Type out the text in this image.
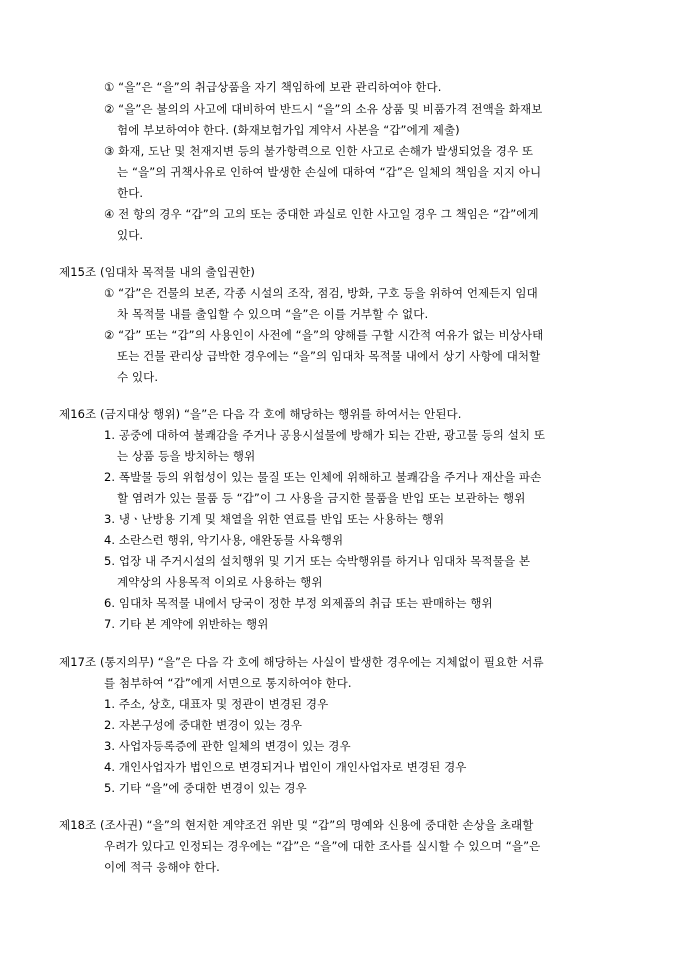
① “을”은 “을”의 취급상품을 자기 책임하에 보관 관리하여야 한다.
② “을”은 불의의 사고에 대비하여 반드시 “을”의 소유 상품 및 비품가격 전액을 화재보
험에 부보하여야 한다. (화재보험가입 계약서 사본을 “갑”에게 제출)
③ 화재, 도난 및 천재지변 등의 불가항력으로 인한 사고로 손해가 발생되었을 경우 또
는 “을”의 귀책사유로 인하여 발생한 손실에 대하여 “갑”은 일체의 책임을 지지 아니
한다.
④ 전 항의 경우 “갑”의 고의 또는 중대한 과실로 인한 사고일 경우 그 책임은 “갑”에게
있다.
제15조 (임대차 목적물 내의 출입권한)
① “갑”은 건물의 보존, 각종 시설의 조작, 점검, 방화, 구호 등을 위하여 언제든지 임대
차 목적물 내를 출입할 수 있으며 “을”은 이를 거부할 수 없다.
② “갑” 또는 “갑”의 사용인이 사전에 “을”의 양해를 구할 시간적 여유가 없는 비상사태
또는 건물 관리상 급박한 경우에는 “을”의 임대차 목적물 내에서 상기 사항에 대처할
수 있다.
제16조 (금지대상 행위) “을”은 다음 각 호에 해당하는 행위를 하여서는 안된다.
1. 공중에 대하여 불쾌감을 주거나 공용시설물에 방해가 되는 간판, 광고물 등의 설치 또
는 상품 등을 방치하는 행위
2. 폭발물 등의 위험성이 있는 물질 또는 인체에 위해하고 불쾌감을 주거나 재산을 파손
할 염려가 있는 물품 등 “갑”이 그 사용을 금지한 물품을 반입 또는 보관하는 행위
3. 냉ㆍ난방용 기계 및 채열을 위한 연료를 반입 또는 사용하는 행위
4. 소란스런 행위, 악기사용, 애완동물 사육행위
5. 업장 내 주거시설의 설치행위 및 기거 또는 숙박행위를 하거나 임대차 목적물을 본
계약상의 사용목적 이외로 사용하는 행위
6. 임대차 목적물 내에서 당국이 정한 부정 외제품의 취급 또는 판매하는 행위
7. 기타 본 계약에 위반하는 행위
제17조 (통지의무) “을”은 다음 각 호에 해당하는 사실이 발생한 경우에는 지체없이 필요한 서류
를 첨부하여 “갑”에게 서면으로 통지하여야 한다.
1. 주소, 상호, 대표자 및 정관이 변경된 경우
2. 자본구성에 중대한 변경이 있는 경우
3. 사업자등록증에 관한 일체의 변경이 있는 경우
4. 개인사업자가 법인으로 변경되거나 법인이 개인사업자로 변경된 경우
5. 기타 “을”에 중대한 변경이 있는 경우
제18조 (조사권) “을”의 현저한 계약조건 위반 및 “갑”의 명예와 신용에 중대한 손상을 초래할
우려가 있다고 인정되는 경우에는 “갑”은 “을”에 대한 조사를 실시할 수 있으며 “을”은
이에 적극 응해야 한다.
